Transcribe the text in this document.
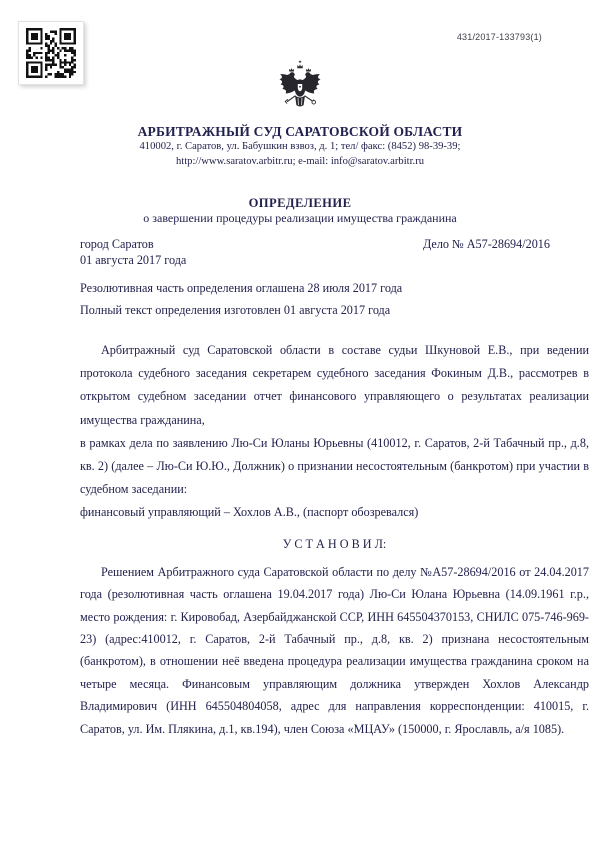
431/2017-133793(1)
АРБИТРАЖНЫЙ СУД САРАТОВСКОЙ ОБЛАСТИ
410002, г. Саратов, ул. Бабушкин взвоз, д. 1; тел/ факс: (8452) 98-39-39;
http://www.saratov.arbitr.ru; e-mail: info@saratov.arbitr.ru
ОПРЕДЕЛЕНИЕ
о завершении процедуры реализации имущества гражданина
город Саратов	Дело № А57-28694/2016
01 августа 2017 года
Резолютивная часть определения оглашена 28 июля 2017 года
Полный текст определения изготовлен 01 августа 2017 года

Арбитражный суд Саратовской области в составе судьи Шкуновой Е.В., при ведении протокола судебного заседания секретарем судебного заседания Фокиным Д.В., рассмотрев в открытом судебном заседании отчет финансового управляющего о результатах реализации имущества гражданина,

в рамках дела по заявлению Лю-Си Юланы Юрьевны (410012, г. Саратов, 2-й Табачный пр., д.8, кв. 2) (далее – Лю-Си Ю.Ю., Должник) о признании несостоятельным (банкротом) при участии в судебном заседании:

финансовый управляющий – Хохлов А.В., (паспорт обозревался)

У С Т А Н О В И Л:

Решением Арбитражного суда Саратовской области по делу №А57-28694/2016 от 24.04.2017 года (резолютивная часть оглашена 19.04.2017 года) Лю-Си Юлана Юрьевна (14.09.1961 г.р., место рождения: г. Кировобад, Азербайджанской ССР, ИНН 645504370153, СНИЛС 075-746-969-23) (адрес:410012, г. Саратов, 2-й Табачный пр., д.8, кв. 2) признана несостоятельным (банкротом), в отношении неё введена процедура реализации имущества гражданина сроком на четыре месяца. Финансовым управляющим должника утвержден Хохлов Александр Владимирович (ИНН 645504804058, адрес для направления корреспонденции: 410015, г. Саратов, ул. Им. Плякина, д.1, кв.194), член Союза «МЦАУ» (150000, г. Ярославль, а/я 1085).
